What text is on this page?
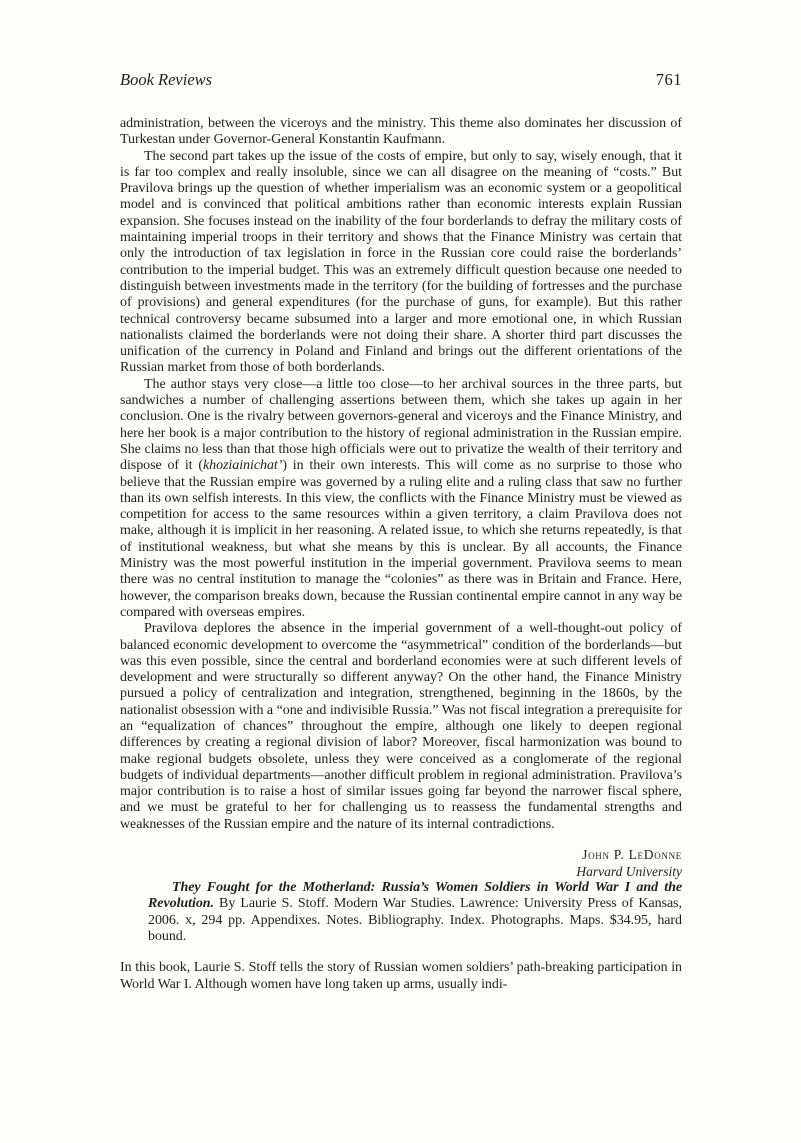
Book Reviews	761

administration, between the viceroys and the ministry. This theme also dominates her discussion of Turkestan under Governor-General Konstantin Kaufmann.

The second part takes up the issue of the costs of empire, but only to say, wisely enough, that it is far too complex and really insoluble, since we can all disagree on the meaning of “costs.” But Pravilova brings up the question of whether imperialism was an economic system or a geopolitical model and is convinced that political ambitions rather than economic interests explain Russian expansion. She focuses instead on the inability of the four borderlands to defray the military costs of maintaining imperial troops in their territory and shows that the Finance Ministry was certain that only the introduction of tax legislation in force in the Russian core could raise the borderlands’ contribution to the imperial budget. This was an extremely difficult question because one needed to distinguish between investments made in the territory (for the building of fortresses and the purchase of provisions) and general expenditures (for the purchase of guns, for example). But this rather technical controversy became subsumed into a larger and more emotional one, in which Russian nationalists claimed the borderlands were not doing their share. A shorter third part discusses the unification of the currency in Poland and Finland and brings out the different orientations of the Russian market from those of both borderlands.

The author stays very close—a little too close—to her archival sources in the three parts, but sandwiches a number of challenging assertions between them, which she takes up again in her conclusion. One is the rivalry between governors-general and viceroys and the Finance Ministry, and here her book is a major contribution to the history of regional administration in the Russian empire. She claims no less than that those high officials were out to privatize the wealth of their territory and dispose of it (khoziainichat’) in their own interests. This will come as no surprise to those who believe that the Russian empire was governed by a ruling elite and a ruling class that saw no further than its own selfish interests. In this view, the conflicts with the Finance Ministry must be viewed as competition for access to the same resources within a given territory, a claim Pravilova does not make, although it is implicit in her reasoning. A related issue, to which she returns repeatedly, is that of institutional weakness, but what she means by this is unclear. By all accounts, the Finance Ministry was the most powerful institution in the imperial government. Pravilova seems to mean there was no central institution to manage the “colonies” as there was in Britain and France. Here, however, the comparison breaks down, because the Russian continental empire cannot in any way be compared with overseas empires.

Pravilova deplores the absence in the imperial government of a well-thought-out policy of balanced economic development to overcome the “asymmetrical” condition of the borderlands—but was this even possible, since the central and borderland economies were at such different levels of development and were structurally so different anyway? On the other hand, the Finance Ministry pursued a policy of centralization and integration, strengthened, beginning in the 1860s, by the nationalist obsession with a “one and indivisible Russia.” Was not fiscal integration a prerequisite for an “equalization of chances” throughout the empire, although one likely to deepen regional differences by creating a regional division of labor? Moreover, fiscal harmonization was bound to make regional budgets obsolete, unless they were conceived as a conglomerate of the regional budgets of individual departments—another difficult problem in regional administration. Pravilova’s major contribution is to raise a host of similar issues going far beyond the narrower fiscal sphere, and we must be grateful to her for challenging us to reassess the fundamental strengths and weaknesses of the Russian empire and the nature of its internal contradictions.

John P. LeDonne
Harvard University

They Fought for the Motherland: Russia’s Women Soldiers in World War I and the Revolution. By Laurie S. Stoff. Modern War Studies. Lawrence: University Press of Kansas, 2006. x, 294 pp. Appendixes. Notes. Bibliography. Index. Photographs. Maps. $34.95, hard bound.

In this book, Laurie S. Stoff tells the story of Russian women soldiers’ path-breaking participation in World War I. Although women have long taken up arms, usually indi-
